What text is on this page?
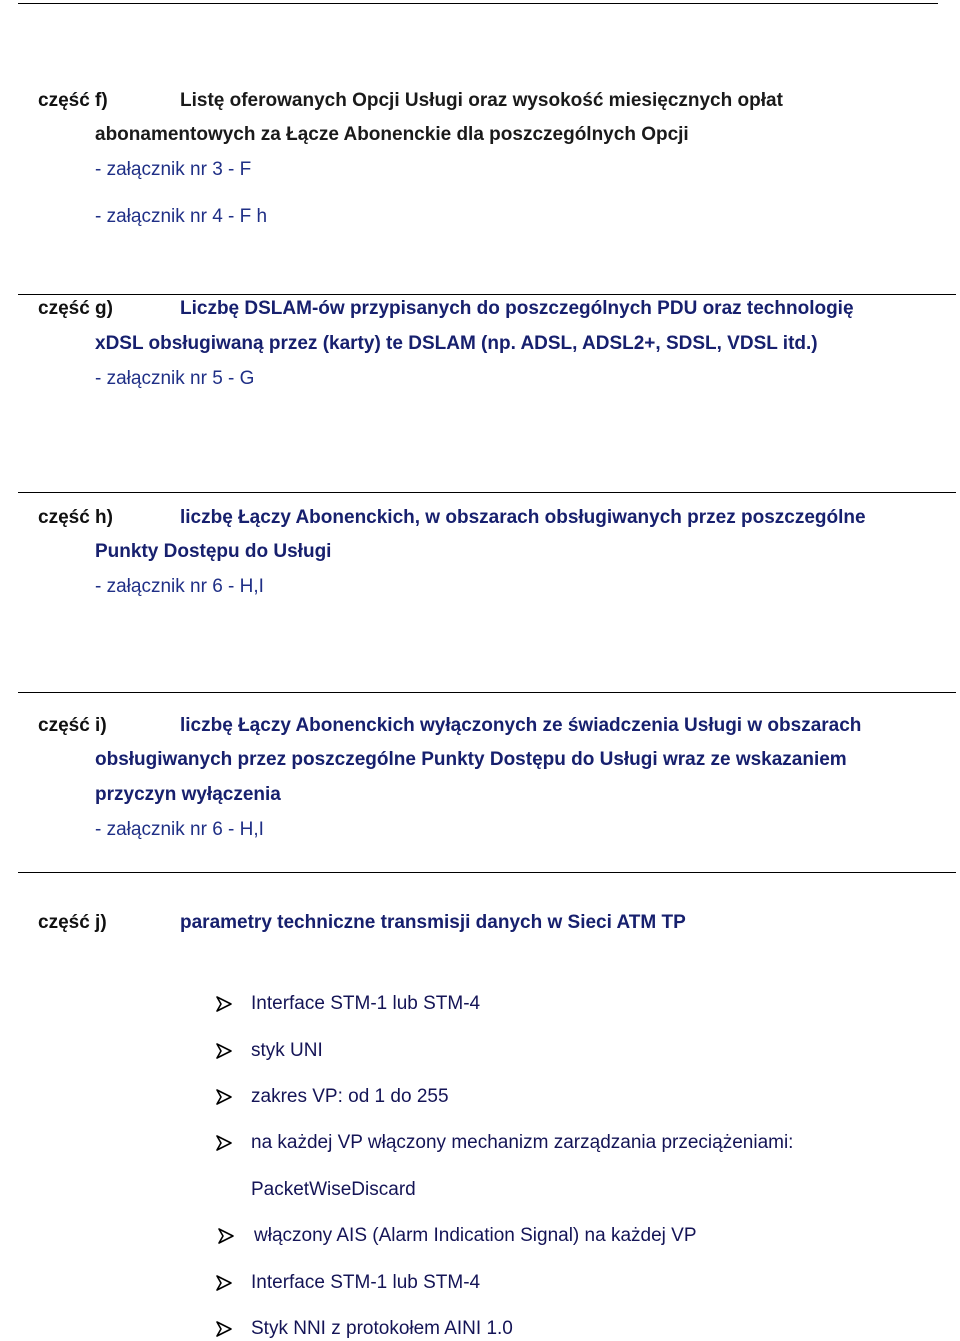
część f)	Listę oferowanych Opcji Usługi oraz wysokość miesięcznych opłat
abonamentowych za Łącze Abonenckie dla poszczególnych Opcji
- załącznik nr 3 - F
- załącznik nr 4 - F h
część g)	Liczbę DSLAM-ów przypisanych do poszczególnych PDU oraz technologię
xDSL obsługiwaną przez (karty) te DSLAM (np. ADSL, ADSL2+, SDSL, VDSL itd.)
- załącznik nr 5 - G
część h)	liczbę Łączy Abonenckich, w obszarach obsługiwanych przez poszczególne
Punkty Dostępu do Usługi
- załącznik nr 6 - H,I
część i)	liczbę Łączy Abonenckich wyłączonych ze świadczenia Usługi w obszarach
obsługiwanych przez poszczególne Punkty Dostępu do Usługi wraz ze wskazaniem
przyczyn wyłączenia
- załącznik nr 6 - H,I
część j)	parametry techniczne transmisji danych w Sieci ATM TP
Interface STM-1 lub STM-4
styk UNI
zakres VP: od 1 do 255
na każdej VP włączony mechanizm zarządzania przeciążeniami:
PacketWiseDiscard
włączony AIS (Alarm Indication Signal) na każdej VP
Interface STM-1 lub STM-4
Styk NNI z protokołem AINI 1.0
